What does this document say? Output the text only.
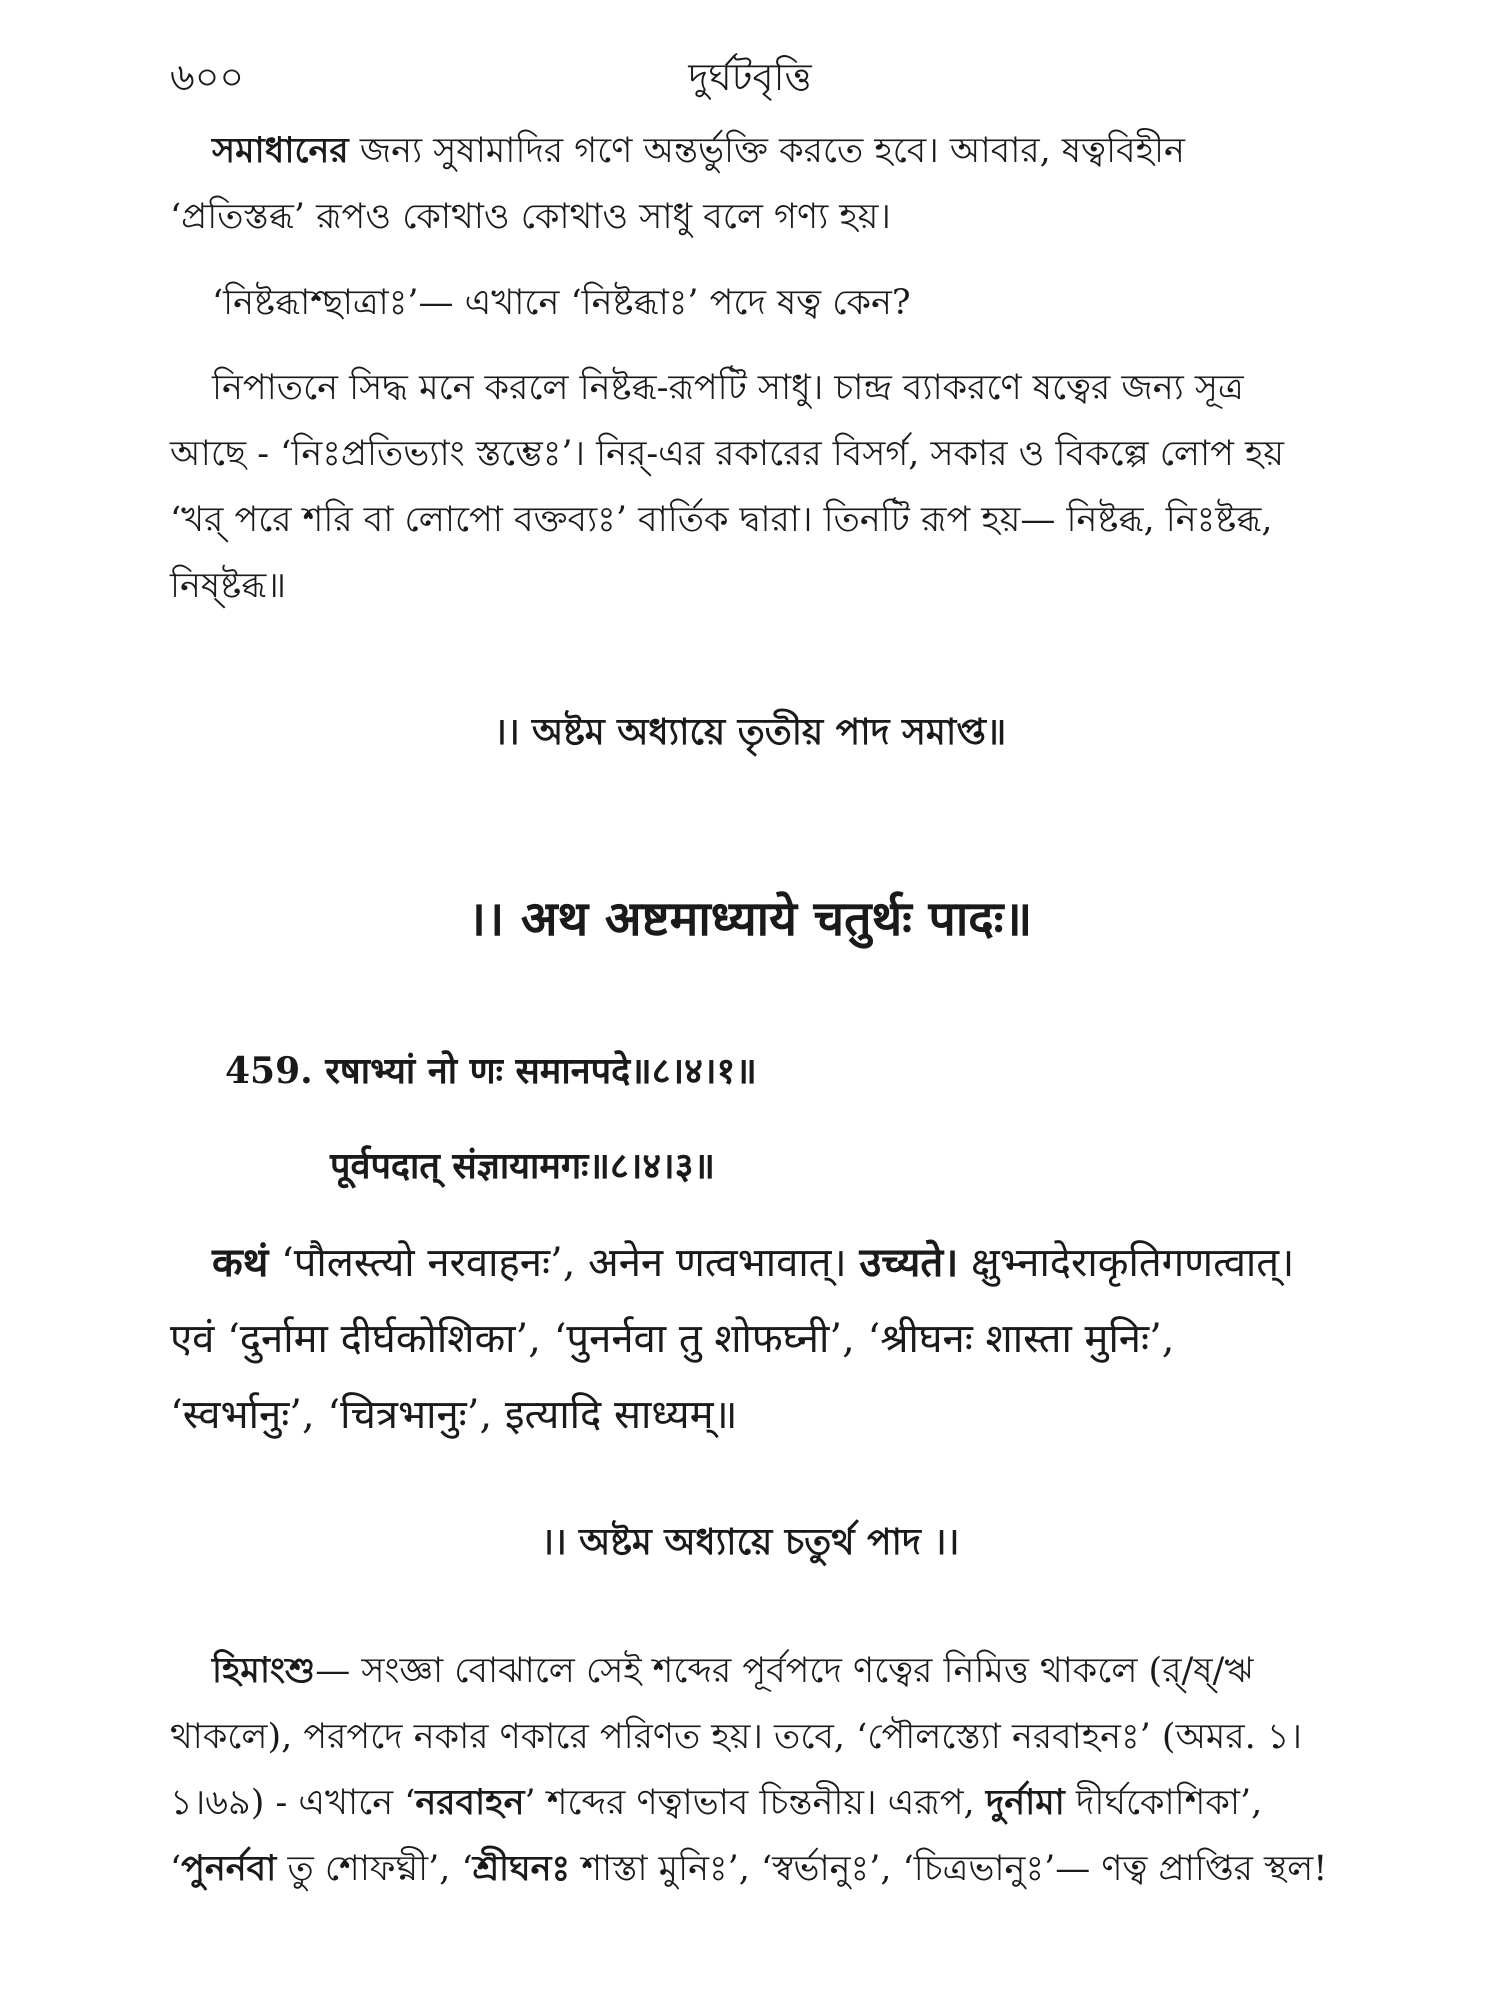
৬০০	দুর্ঘটবৃত্তি

সমাধানের জন্য সুষামাদির গণে অন্তর্ভুক্তি করতে হবে। আবার, ষত্ববিহীন ‘প্রতিস্তব্ধ’ রূপও কোথাও কোথাও সাধু বলে গণ্য হয়।

‘নিষ্টব্ধাশ্ছাত্রাঃ’— এখানে ‘নিষ্টব্ধাঃ’ পদে ষত্ব কেন?

নিপাতনে সিদ্ধ মনে করলে নিষ্টব্ধ-রূপটি সাধু। চান্দ্র ব্যাকরণে ষত্বের জন্য সূত্র আছে - ‘নিঃপ্রতিভ্যাং স্তম্ভেঃ’। নির্-এর রকারের বিসর্গ, সকার ও বিকল্পে লোপ হয় ‘খর্ পরে শরি বা লোপো বক্তব্যঃ’ বার্তিক দ্বারা। তিনটি রূপ হয়— নিষ্টব্ধ, নিঃষ্টব্ধ, নিষ্ষ্টব্ধ॥

।। অষ্টম অধ্যায়ে তৃতীয় পাদ সমাপ্ত॥
।। अथ अष्टमाध्याये चतुर्थः पादः॥
459. रषाभ्यां नो णः समानपदे॥८।४।१॥
पूर्वपदात् संज्ञायामगः॥८।४।३॥

कथं ‘पौलस्त्यो नरवाहनः’, अनेन णत्वभावात्। उच्यते। क्षुभ्नादेराकृतिगणत्वात्। एवं ‘दुर्नामा दीर्घकोशिका’, ‘पुनर्नवा तु शोफघ्नी’, ‘श्रीघनः शास्ता मुनिः’, ‘स्वर्भानुः’, ‘चित्रभानुः’, इत्यादि साध्यम्॥

।। অষ্টম অধ্যায়ে চতুর্থ পাদ ।।

হিমাংশু— সংজ্ঞা বোঝালে সেই শব্দের পূর্বপদে ণত্বের নিমিত্ত থাকলে (র্/ষ্/ঋ থাকলে), পরপদে নকার ণকারে পরিণত হয়। তবে, ‘পৌলস্ত্যো নরবাহনঃ’ (অমর. ১।১।৬৯) - এখানে ‘নরবাহন’ শব্দের ণত্বাভাব চিন্তনীয়। এরূপ, দুর্নামা দীর্ঘকোশিকা’, ‘পুনর্নবা তু শোফঘ্নী’, ‘শ্রীঘনঃ শাস্তা মুনিঃ’, ‘স্বর্ভানুঃ’, ‘চিত্রভানুঃ’— ণত্ব প্রাপ্তির স্থল!
